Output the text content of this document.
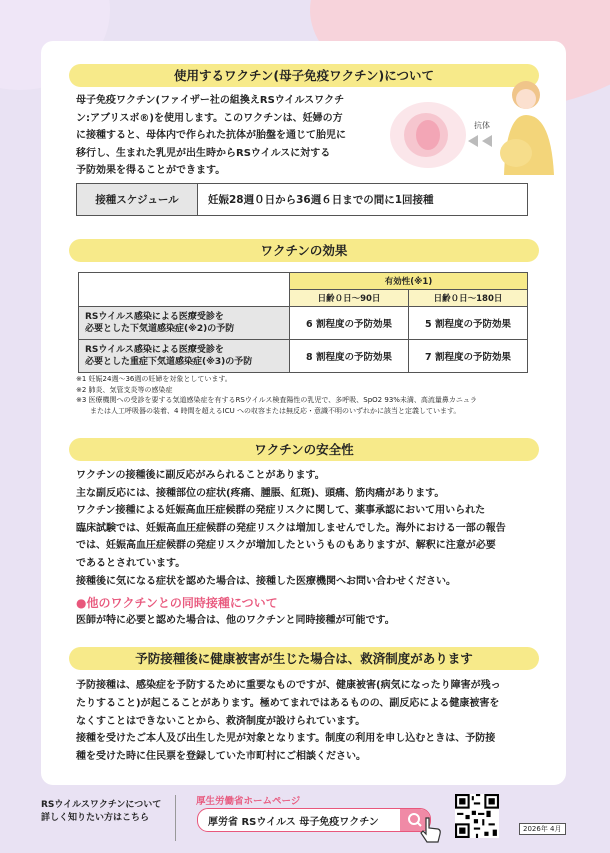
使用するワクチン(母子免疫ワクチン)について
母子免疫ワクチン(ファイザー社の組換えRSウイルスワクチ
ン:アブリスボ®)を使用します。このワクチンは、妊婦の方
に接種すると、母体内で作られた抗体が胎盤を通じて胎児に
移行し、生まれた乳児が出生時からRSウイルスに対する
予防効果を得ることができます。
抗体
接種スケジュール	妊娠28週０日から36週６日までの間に1回接種
ワクチンの効果
	有効性(※1)	
	日齢０日〜90日	日齢０日〜180日

RSウイルス感染による医療受診を
必要とした下気道感染症(※2)の予防	6 割程度の予防効果	5 割程度の予防効果

RSウイルス感染による医療受診を
必要とした重症下気道感染症(※3)の予防	8 割程度の予防効果	7 割程度の予防効果
※1 妊娠24週〜36週の妊婦を対象としています。
※2 肺炎、気管支炎等の感染症
※3 医療機関への受診を要する気道感染症を有するRSウイルス検査陽性の乳児で、多呼吸、SpO2 93%未満、高流量鼻カニュラ
　　または人工呼吸器の装着、4 時間を超えるICU への収容または無反応・意識不明のいずれかに該当と定義しています。
ワクチンの安全性
ワクチンの接種後に副反応がみられることがあります。
主な副反応には、接種部位の症状(疼痛、腫脹、紅斑)、頭痛、筋肉痛があります。
ワクチン接種による妊娠高血圧症候群の発症リスクに関して、薬事承認において用いられた
臨床試験では、妊娠高血圧症候群の発症リスクは増加しませんでした。海外における一部の報告
では、妊娠高血圧症候群の発症リスクが増加したというものもありますが、解釈に注意が必要
であるとされています。
接種後に気になる症状を認めた場合は、接種した医療機関へお問い合わせください。
●他のワクチンとの同時接種について
医師が特に必要と認めた場合は、他のワクチンと同時接種が可能です。
予防接種後に健康被害が生じた場合は、救済制度があります
予防接種は、感染症を予防するために重要なものですが、健康被害(病気になったり障害が残っ
たりすること)が起こることがあります。極めてまれではあるものの、副反応による健康被害を
なくすことはできないことから、救済制度が設けられています。
接種を受けたご本人及び出生した児が対象となります。制度の利用を申し込むときは、予防接
種を受けた時に住民票を登録していた市町村にご相談ください。
RSウイルスワクチンについて
詳しく知りたい方はこちら
厚生労働省ホームページ
厚労省 RSウイルス 母子免疫ワクチン
2026年 4月
